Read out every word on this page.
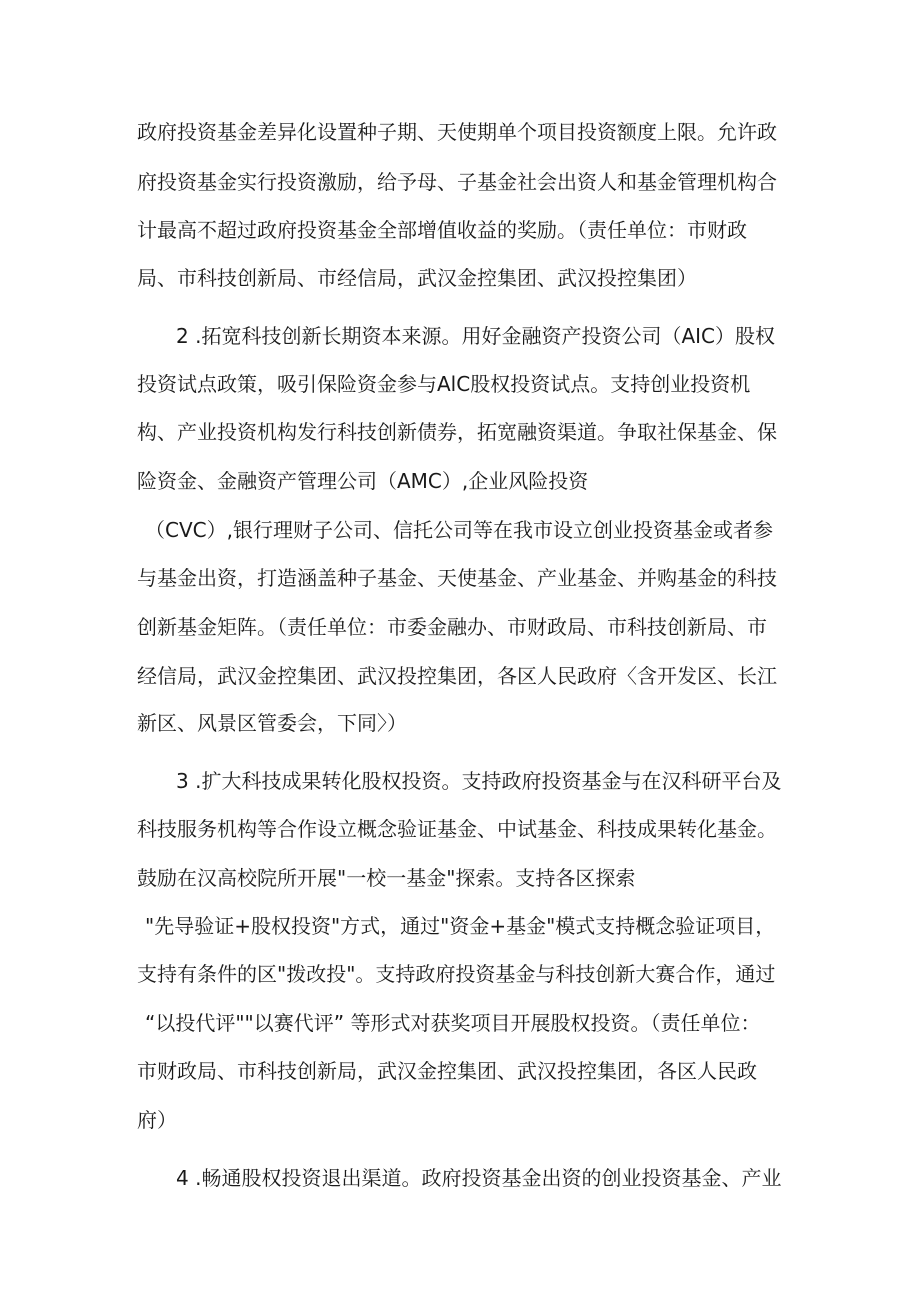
政府投资基金差异化设置种子期、天使期单个项目投资额度上限。允许政
府投资基金实行投资激励，给予母、子基金社会出资人和基金管理机构合
计最高不超过政府投资基金全部增值收益的奖励。（责任单位：市财政
局、市科技创新局、市经信局，武汉金控集团、武汉投控集团）
2 .拓宽科技创新长期资本来源。用好金融资产投资公司（AIC）股权
投资试点政策，吸引保险资金参与AlC股权投资试点。支持创业投资机
构、产业投资机构发行科技创新债券，拓宽融资渠道。争取社保基金、保
险资金、金融资产管理公司（AMC）,企业风险投资
（CVC）,银行理财子公司、信托公司等在我市设立创业投资基金或者参
与基金出资，打造涵盖种子基金、天使基金、产业基金、并购基金的科技
创新基金矩阵。（责任单位：市委金融办、市财政局、市科技创新局、市
经信局，武汉金控集团、武汉投控集团，各区人民政府〈含开发区、长江
新区、风景区管委会，下同〉）
3 .扩大科技成果转化股权投资。支持政府投资基金与在汉科研平台及
科技服务机构等合作设立概念验证基金、中试基金、科技成果转化基金。
鼓励在汉高校院所开展"一校一基金"探索。支持各区探索
"先导验证+股权投资"方式，通过"资金+基金"模式支持概念验证项目，
支持有条件的区"拨改投"。支持政府投资基金与科技创新大赛合作，通过
“以投代评""以赛代评” 等形式对获奖项目开展股权投资。（责任单位：
市财政局、市科技创新局，武汉金控集团、武汉投控集团，各区人民政
府）
4 .畅通股权投资退出渠道。政府投资基金出资的创业投资基金、产业
